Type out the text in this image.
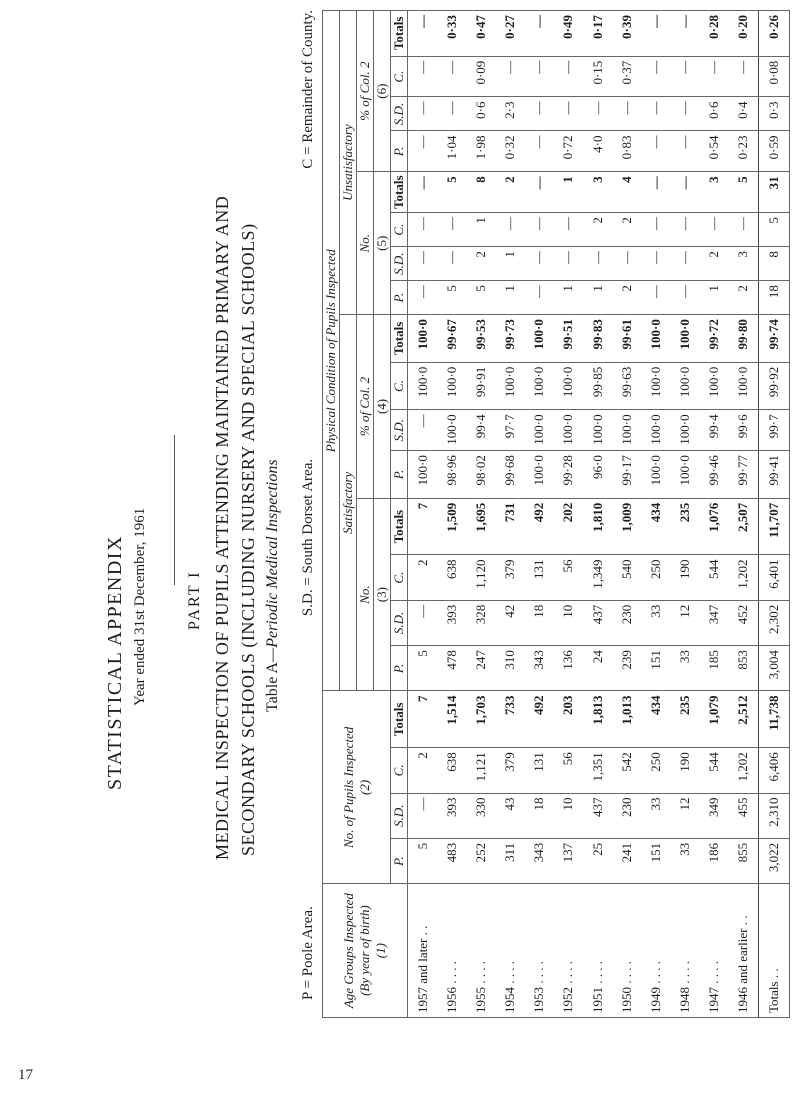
STATISTICAL APPENDIX Year ended 31st December, 1961 PART I MEDICAL INSPECTION OF PUPILS ATTENDING MAINTAINED PRIMARY AND SECONDARY SCHOOLS (INCLUDING NURSERY AND SPECIAL SCHOOLS) Table A—Periodic Medical Inspections
P = Poole Area.
S.D. = South Dorset Area.
C = Remainder of County.
17
Age Groups Inspected (By year of birth)
(1)	No. of Pupils Inspected
(2)				Physical Condition of Pupils Inspected															
					Satisfactory								Unsatisfactory							
					No.				% of Col. 2				No.				% of Col. 2			
					(3)				(4)				(5)				(6)			
	P.	S.D.	C.	Totals	P.	S.D.	C.	Totals	P.	S.D.	C.	Totals	P.	S.D.	C.	Totals	P.	S.D.	C.	Totals
1957 and later . .	5	—	2	7	5	—	2	7	100·0	—	100·0	100·0	—	—	—	—	—	—	—	—
1956 . . . .	483	393	638	1,514	478	393	638	1,509	98·96	100·0	100·0	99·67	5	—	—	5	1·04	—	—	0·33
1955 . . . .	252	330	1,121	1,703	247	328	1,120	1,695	98·02	99·4	99·91	99·53	5	2	1	8	1·98	0·6	0·09	0·47
1954 . . . .	311	43	379	733	310	42	379	731	99·68	97·7	100·0	99·73	1	1	—	2	0·32	2·3	—	0·27
1953 . . . .	343	18	131	492	343	18	131	492	100·0	100·0	100·0	100·0	—	—	—	—	—	—	—	—
1952 . . . .	137	10	56	203	136	10	56	202	99·28	100·0	100·0	99·51	1	—	—	1	0·72	—	—	0·49
1951 . . . .	25	437	1,351	1,813	24	437	1,349	1,810	96·0	100·0	99·85	99·83	1	—	2	3	4·0	—	0·15	0·17
1950 . . . .	241	230	542	1,013	239	230	540	1,009	99·17	100·0	99·63	99·61	2	—	2	4	0·83	—	0·37	0·39
1949 . . . .	151	33	250	434	151	33	250	434	100·0	100·0	100·0	100·0	—	—	—	—	—	—	—	—
1948 . . . .	33	12	190	235	33	12	190	235	100·0	100·0	100·0	100·0	—	—	—	—	—	—	—	—
1947 . . . .	186	349	544	1,079	185	347	544	1,076	99·46	99·4	100·0	99·72	1	2	—	3	0·54	0·6	—	0·28
1946 and earlier . .	855	455	1,202	2,512	853	452	1,202	2,507	99·77	99·6	100·0	99·80	2	3	—	5	0·23	0·4	—	0·20
Totals . .	3,022	2,310	6,406	11,738	3,004	2,302	6,401	11,707	99·41	99·7	99·92	99·74	18	8	5	31	0·59	0·3	0·08	0·26
